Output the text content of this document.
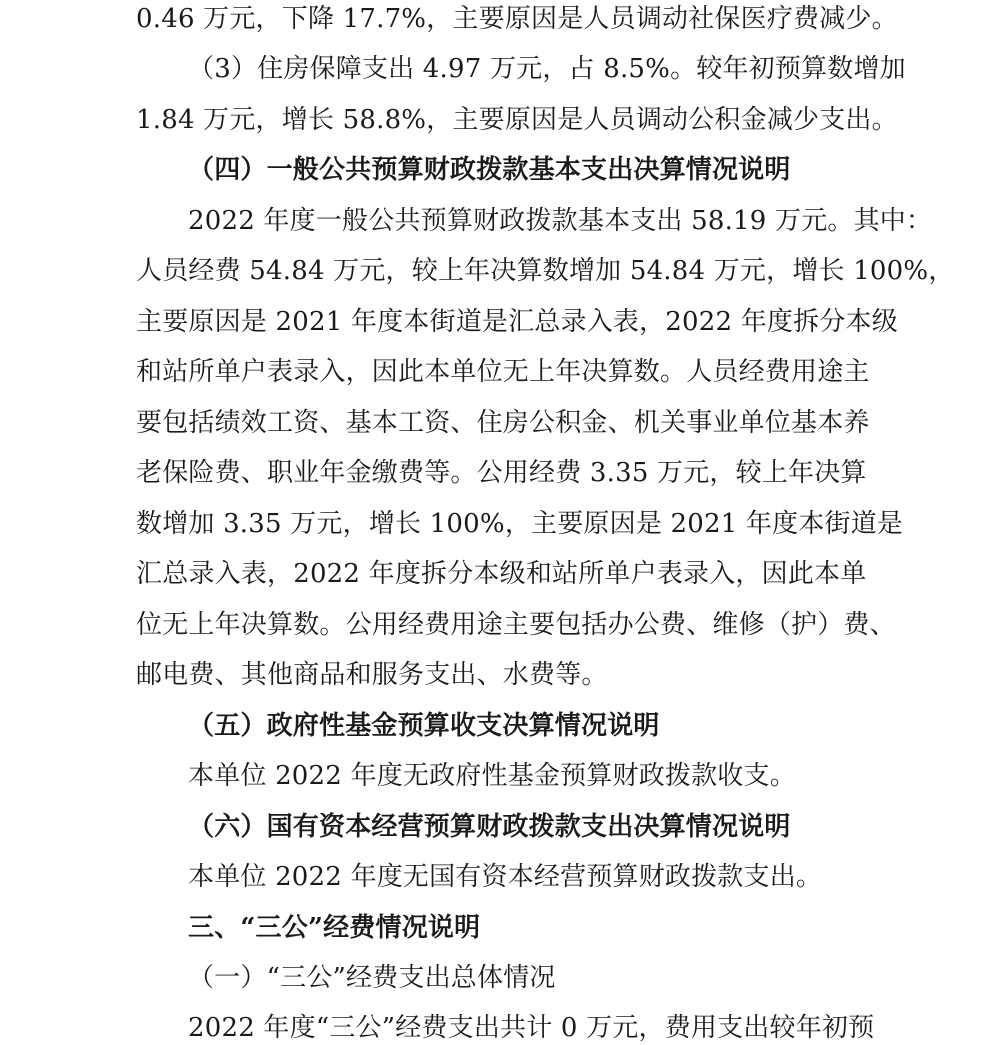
0.46 万元，下降 17.7%，主要原因是人员调动社保医疗费减少。
（3）住房保障支出 4.97 万元，占 8.5%。较年初预算数增加
1.84 万元，增长 58.8%，主要原因是人员调动公积金减少支出。
（四）一般公共预算财政拨款基本支出决算情况说明
2022 年度一般公共预算财政拨款基本支出 58.19 万元。其中：
人员经费 54.84 万元，较上年决算数增加 54.84 万元，增长 100%，
主要原因是 2021 年度本街道是汇总录入表，2022 年度拆分本级
和站所单户表录入，因此本单位无上年决算数。人员经费用途主
要包括绩效工资、基本工资、住房公积金、机关事业单位基本养
老保险费、职业年金缴费等。公用经费 3.35 万元，较上年决算
数增加 3.35 万元，增长 100%，主要原因是 2021 年度本街道是
汇总录入表，2022 年度拆分本级和站所单户表录入，因此本单
位无上年决算数。公用经费用途主要包括办公费、维修（护）费、
邮电费、其他商品和服务支出、水费等。
（五）政府性基金预算收支决算情况说明
本单位 2022 年度无政府性基金预算财政拨款收支。
（六）国有资本经营预算财政拨款支出决算情况说明
本单位 2022 年度无国有资本经营预算财政拨款支出。
三、“三公”经费情况说明
（一）“三公”经费支出总体情况
2022 年度“三公”经费支出共计 0 万元，费用支出较年初预
